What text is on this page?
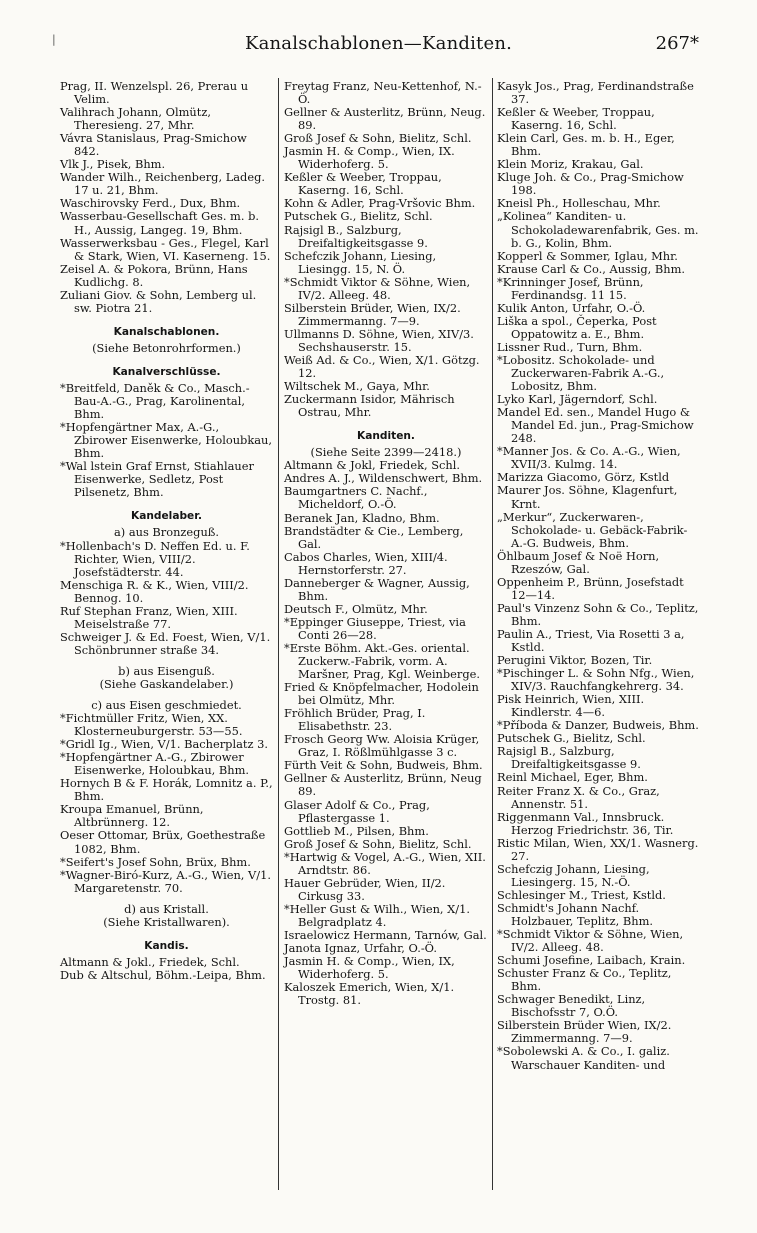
|	Kanalschablonen—Kanditen.	267*
Prag, II. Wenzelspl. 26, Prerau u Velim.
Valihrach Johann, Olmütz, Theresieng. 27, Mhr.
Vávra Stanislaus, Prag-Smichow 842.
Vlk J., Pisek, Bhm.
Wander Wilh., Reichenberg, Ladeg. 17 u. 21, Bhm.
Waschirovsky Ferd., Dux, Bhm.
Wasserbau-Gesellschaft Ges. m. b. H., Aussig, Langeg. 19, Bhm.
Wasserwerksbau - Ges., Flegel, Karl & Stark, Wien, VI. Kaserneng. 15.
Zeisel A. & Pokora, Brünn, Hans Kudlichg. 8.
Zuliani Giov. & Sohn, Lemberg ul. sw. Piotra 21.
Kanalschablonen.
(Siehe Betonrohrformen.)
Kanalverschlüsse.
*Breitfeld, Daněk & Co., Masch.-Bau-A.-G., Prag, Karolinental, Bhm.
*Hopfengärtner Max, A.-G., Zbirower Eisenwerke, Holoubkau, Bhm.
*Wal lstein Graf Ernst, Stiahlauer Eisenwerke, Sedletz, Post Pilsenetz, Bhm.
Kandelaber.
a) aus Bronzeguß.
*Hollenbach's D. Neffen Ed. u. F. Richter, Wien, VIII/2. Josefstädterstr. 44.
Menschiga R. & K., Wien, VIII/2. Bennog. 10.
Ruf Stephan Franz, Wien, XIII. Meiselstraße 77.
Schweiger J. & Ed. Foest, Wien, V/1. Schönbrunner straße 34.
b) aus Eisenguß.
(Siehe Gaskandelaber.)
c) aus Eisen geschmiedet.
*Fichtmüller Fritz, Wien, XX. Klosterneuburgerstr. 53—55.
*Gridl Ig., Wien, V/1. Bacherplatz 3.
*Hopfengärtner A.-G., Zbirower Eisenwerke, Holoubkau, Bhm.
Hornych B & F. Horák, Lomnitz a. P., Bhm.
Kroupa Emanuel, Brünn, Altbrünnerg. 12.
Oeser Ottomar, Brüx, Goethestraße 1082, Bhm.
*Seifert's Josef Sohn, Brüx, Bhm.
*Wagner-Biró-Kurz, A.-G., Wien, V/1. Margaretenstr. 70.
d) aus Kristall.
(Siehe Kristallwaren).
Kandis.
Altmann & Jokl., Friedek, Schl.
Dub & Altschul, Böhm.-Leipa, Bhm.
Freytag Franz, Neu-Kettenhof, N.-Ö.
Gellner & Austerlitz, Brünn, Neug. 89.
Groß Josef & Sohn, Bielitz, Schl.
Jasmin H. & Comp., Wien, IX. Widerhoferg. 5.
Keßler & Weeber, Troppau, Kaserng. 16, Schl.
Kohn & Adler, Prag-Vršovic Bhm.
Putschek G., Bielitz, Schl.
Rajsigl B., Salzburg, Dreifaltigkeitsgasse 9.
Schefczik Johann, Liesing, Liesingg. 15, N. Ö.
*Schmidt Viktor & Söhne, Wien, IV/2. Alleeg. 48.
Silberstein Brüder, Wien, IX/2. Zimmermanng. 7—9.
Ullmanns D. Söhne, Wien, XIV/3. Sechshauserstr. 15.
Weiß Ad. & Co., Wien, X/1. Götzg. 12.
Wiltschek M., Gaya, Mhr.
Zuckermann Isidor, Mährisch Ostrau, Mhr.
Kanditen.
(Siehe Seite 2399—2418.)
Altmann & Jokl, Friedek, Schl.
Andres A. J., Wildenschwert, Bhm.
Baumgartners C. Nachf., Micheldorf, O.-Ö.
Beranek Jan, Kladno, Bhm.
Brandstädter & Cie., Lemberg, Gal.
Cabos Charles, Wien, XIII/4. Hernstorferstr. 27.
Danneberger & Wagner, Aussig, Bhm.
Deutsch F., Olmütz, Mhr.
*Eppinger Giuseppe, Triest, via Conti 26—28.
*Erste Böhm. Akt.-Ges. oriental. Zuckerw.-Fabrik, vorm. A. Maršner, Prag, Kgl. Weinberge.
Fried & Knöpfelmacher, Hodolein bei Olmütz, Mhr.
Fröhlich Brüder, Prag, I. Elisabethstr. 23.
Frosch Georg Ww. Aloisia Krüger, Graz, I. Rößlmühlgasse 3 c.
Fürth Veit & Sohn, Budweis, Bhm.
Gellner & Austerlitz, Brünn, Neug 89.
Glaser Adolf & Co., Prag, Pflastergasse 1.
Gottlieb M., Pilsen, Bhm.
Groß Josef & Sohn, Bielitz, Schl.
*Hartwig & Vogel, A.-G., Wien, XII. Arndtstr. 86.
Hauer Gebrüder, Wien, II/2. Cirkusg 33.
*Heller Gust & Wilh., Wien, X/1. Belgradplatz 4.
Israelowicz Hermann, Tarnów, Gal.
Janota Ignaz, Urfahr, O.-Ö.
Jasmin H. & Comp., Wien, IX, Widerhoferg. 5.
Kaloszek Emerich, Wien, X/1. Trostg. 81.
Kasyk Jos., Prag, Ferdinandstraße 37.
Keßler & Weeber, Troppau, Kaserng. 16, Schl.
Klein Carl, Ges. m. b. H., Eger, Bhm.
Klein Moriz, Krakau, Gal.
Kluge Joh. & Co., Prag-Smichow 198.
Kneisl Ph., Holleschau, Mhr.
„Kolinea“ Kanditen- u. Schokoladewarenfabrik, Ges. m. b. G., Kolin, Bhm.
Kopperl & Sommer, Iglau, Mhr.
Krause Carl & Co., Aussig, Bhm.
*Krinninger Josef, Brünn, Ferdinandsg. 11 15.
Kulik Anton, Urfahr, O.-Ö.
Liška a spol., Čeperka, Post Oppatowitz a. E., Bhm.
Lissner Rud., Turn, Bhm.
*Lobositz. Schokolade- und Zuckerwaren-Fabrik A.-G., Lobositz, Bhm.
Lyko Karl, Jägerndorf, Schl.
Mandel Ed. sen., Mandel Hugo & Mandel Ed. jun., Prag-Smichow 248.
*Manner Jos. & Co. A.-G., Wien, XVII/3. Kulmg. 14.
Marizza Giacomo, Görz, Kstld
Maurer Jos. Söhne, Klagenfurt, Krnt.
„Merkur“, Zuckerwaren-, Schokolade- u. Gebäck-Fabrik-A.-G. Budweis, Bhm.
Öhlbaum Josef & Noë Horn, Rzeszów, Gal.
Oppenheim P., Brünn, Josefstadt 12—14.
Paul's Vinzenz Sohn & Co., Teplitz, Bhm.
Paulin A., Triest, Via Rosetti 3 a, Kstld.
Perugini Viktor, Bozen, Tir.
*Pischinger L. & Sohn Nfg., Wien, XIV/3. Rauchfangkehrerg. 34.
Pisk Heinrich, Wien, XIII. Kindlerstr. 4—6.
*Příboda & Danzer, Budweis, Bhm.
Putschek G., Bielitz, Schl.
Rajsigl B., Salzburg, Dreifaltigkeitsgasse 9.
Reinl Michael, Eger, Bhm.
Reiter Franz X. & Co., Graz, Annenstr. 51.
Riggenmann Val., Innsbruck. Herzog Friedrichstr. 36, Tir.
Ristic Milan, Wien, XX/1. Wasnerg. 27.
Schefczig Johann, Liesing, Liesingerg. 15, N.-Ö.
Schlesinger M., Triest, Kstld.
Schmidt's Johann Nachf. Holzbauer, Teplitz, Bhm.
*Schmidt Viktor & Söhne, Wien, IV/2. Alleeg. 48.
Schumi Josefine, Laibach, Krain.
Schuster Franz & Co., Teplitz, Bhm.
Schwager Benedikt, Linz, Bischofsstr 7, O.Ö.
Silberstein Brüder Wien, IX/2. Zimmermanng. 7—9.
*Sobolewski A. & Co., I. galiz. Warschauer Kanditen- und
